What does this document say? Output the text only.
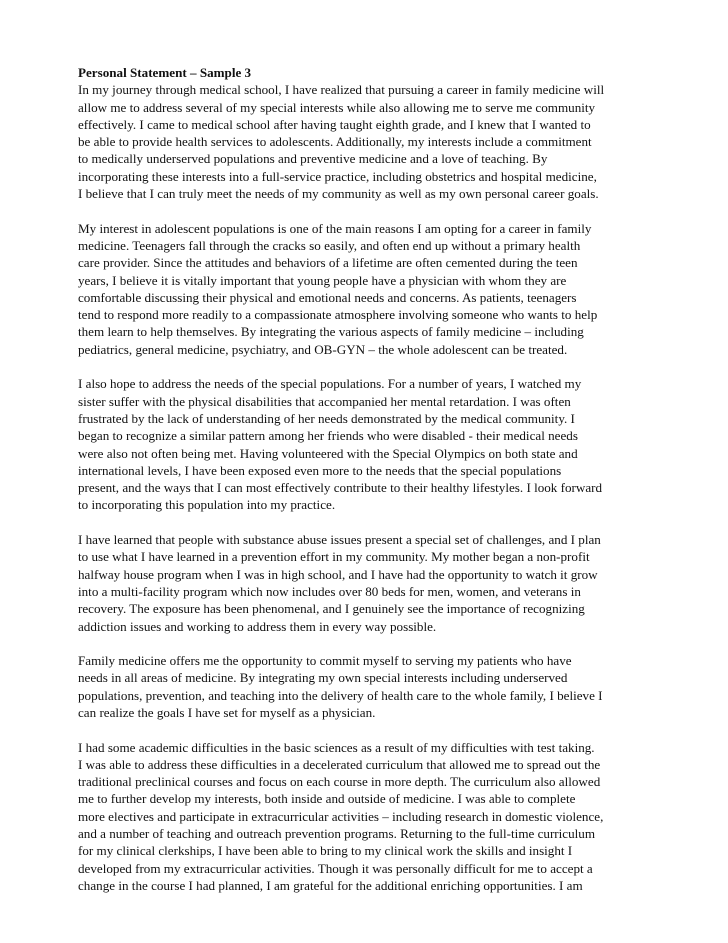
Personal Statement – Sample 3
In my journey through medical school, I have realized that pursuing a career in family medicine will
allow me to address several of my special interests while also allowing me to serve me community
effectively. I came to medical school after having taught eighth grade, and I knew that I wanted to
be able to provide health services to adolescents. Additionally, my interests include a commitment
to medically underserved populations and preventive medicine and a love of teaching. By
incorporating these interests into a full-service practice, including obstetrics and hospital medicine,
I believe that I can truly meet the needs of my community as well as my own personal career goals.
My interest in adolescent populations is one of the main reasons I am opting for a career in family
medicine. Teenagers fall through the cracks so easily, and often end up without a primary health
care provider. Since the attitudes and behaviors of a lifetime are often cemented during the teen
years, I believe it is vitally important that young people have a physician with whom they are
comfortable discussing their physical and emotional needs and concerns. As patients, teenagers
tend to respond more readily to a compassionate atmosphere involving someone who wants to help
them learn to help themselves. By integrating the various aspects of family medicine – including
pediatrics, general medicine, psychiatry, and OB-GYN – the whole adolescent can be treated.
I also hope to address the needs of the special populations. For a number of years, I watched my
sister suffer with the physical disabilities that accompanied her mental retardation. I was often
frustrated by the lack of understanding of her needs demonstrated by the medical community. I
began to recognize a similar pattern among her friends who were disabled - their medical needs
were also not often being met. Having volunteered with the Special Olympics on both state and
international levels, I have been exposed even more to the needs that the special populations
present, and the ways that I can most effectively contribute to their healthy lifestyles. I look forward
to incorporating this population into my practice.
I have learned that people with substance abuse issues present a special set of challenges, and I plan
to use what I have learned in a prevention effort in my community. My mother began a non-profit
halfway house program when I was in high school, and I have had the opportunity to watch it grow
into a multi-facility program which now includes over 80 beds for men, women, and veterans in
recovery. The exposure has been phenomenal, and I genuinely see the importance of recognizing
addiction issues and working to address them in every way possible.
Family medicine offers me the opportunity to commit myself to serving my patients who have
needs in all areas of medicine. By integrating my own special interests including underserved
populations, prevention, and teaching into the delivery of health care to the whole family, I believe I
can realize the goals I have set for myself as a physician.
I had some academic difficulties in the basic sciences as a result of my difficulties with test taking.
I was able to address these difficulties in a decelerated curriculum that allowed me to spread out the
traditional preclinical courses and focus on each course in more depth. The curriculum also allowed
me to further develop my interests, both inside and outside of medicine. I was able to complete
more electives and participate in extracurricular activities – including research in domestic violence,
and a number of teaching and outreach prevention programs. Returning to the full-time curriculum
for my clinical clerkships, I have been able to bring to my clinical work the skills and insight I
developed from my extracurricular activities. Though it was personally difficult for me to accept a
change in the course I had planned, I am grateful for the additional enriching opportunities. I am
